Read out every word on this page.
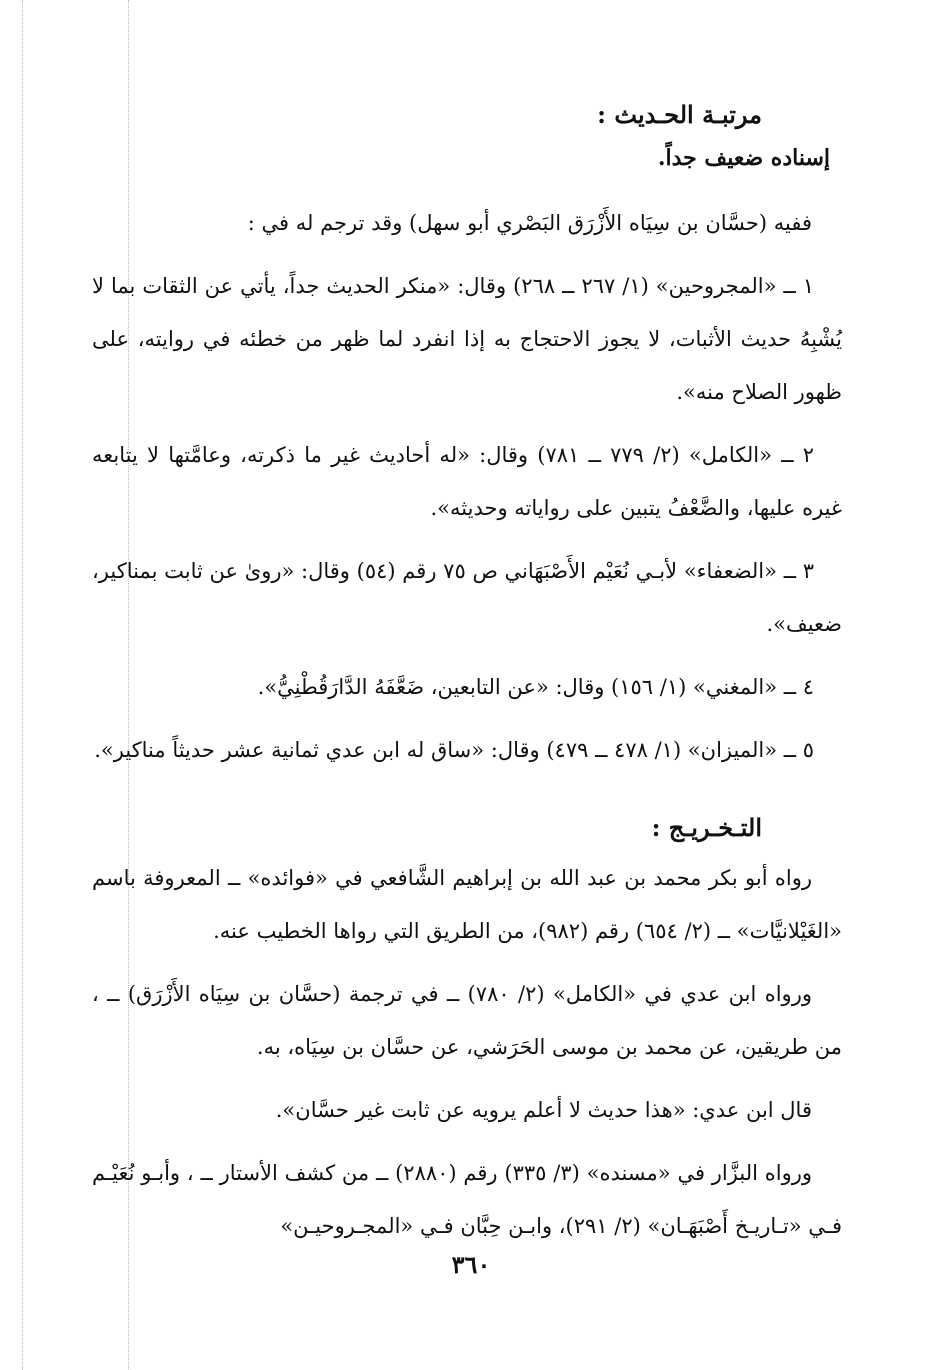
مرتبـة الحـديث :
إسناده ضعيف جداً.

ففيه (حسَّان بن سِيَاه الأَزْرَق البَصْري أبو سهل) وقد ترجم له في :

١ ــ «المجروحين» (١/ ٢٦٧ ــ ٢٦٨) وقال: «منكر الحديث جداً، يأتي عن الثقات بما لا يُشْبِهُ حديث الأثبات، لا يجوز الاحتجاج به إذا انفرد لما ظهر من خطئه في روايته، على ظهور الصلاح منه».

٢ ــ «الكامل» (٢/ ٧٧٩ ــ ٧٨١) وقال: «له أحاديث غير ما ذكرته، وعامَّتها لا يتابعه غيره عليها، والضَّعْفُ يتبين على رواياته وحديثه».

٣ ــ «الضعفاء» لأبـي نُعَيْم الأَصْبَهَاني ص ٧٥ رقم (٥٤) وقال: «روىٰ عن ثابت بمناكير، ضعيف».

٤ ــ «المغني» (١/ ١٥٦) وقال: «عن التابعين، ضَعَّفَهُ الدَّارَقُطْنِيُّ».

٥ ــ «الميزان» (١/ ٤٧٨ ــ ٤٧٩) وقال: «ساق له ابن عدي ثمانية عشر حديثاً مناكير».

التـخـريـج :

رواه أبو بكر محمد بن عبد الله بن إبراهيم الشَّافعي في «فوائده» ــ المعروفة باسم «الغَيْلانيَّات» ــ (٢/ ٦٥٤) رقم (٩٨٢)، من الطريق التي رواها الخطيب عنه.

ورواه ابن عدي في «الكامل» (٢/ ٧٨٠) ــ في ترجمة (حسَّان بن سِيَاه الأَزْرَق) ــ ، من طريقين، عن محمد بن موسى الحَرَشي، عن حسَّان بن سِيَاه، به.

قال ابن عدي: «هذا حديث لا أعلم يرويه عن ثابت غير حسَّان».

ورواه البزَّار في «مسنده» (٣/ ٣٣٥) رقم (٢٨٨٠) ــ من كشف الأستار ــ ، وأبـو نُعَيْـم فـي «تـاريـخ أَصْبَهَـان» (٢/ ٢٩١)، وابـن حِبَّان فـي «المجـروحيـن»

٣٦٠
